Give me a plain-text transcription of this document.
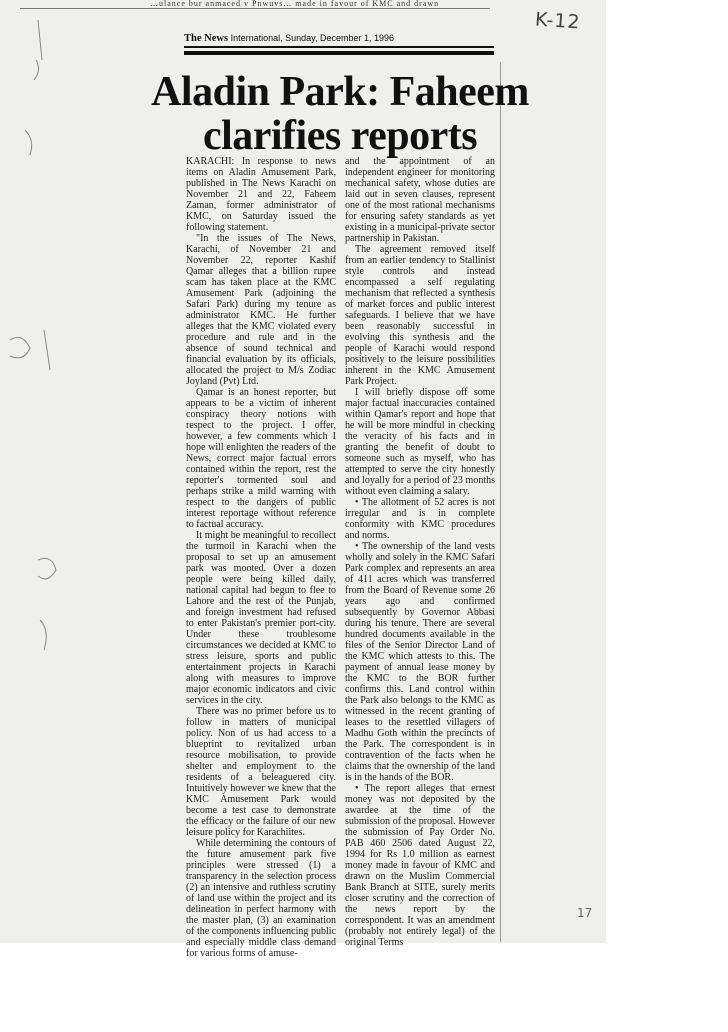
…ulance bur anmaced v Pnwuvs… made in favour of KMC and drawn
The News International, Sunday, December 1, 1996
Aladin Park: Faheem
clarifies reports

KARACHI: In response to news items on Aladin Amusement Park, published in The News Karachi on November 21 and 22, Faheem Zaman, former administrator of KMC, on Saturday issued the following statement.

"In the issues of The News, Karachi, of November 21 and November 22, reporter Kashif Qamar alleges that a billion rupee scam has taken place at the KMC Amusement Park (adjoining the Safari Park) during my tenure as administrator KMC. He further alleges that the KMC violated every procedure and rule and in the absence of sound technical and financial evaluation by its officials, allocated the project to M/s Zodiac Joyland (Pvt) Ltd.

Qamar is an honest reporter, but appears to be a victim of inherent conspiracy theory notions with respect to the project. I offer, however, a few comments which I hope will enlighten the readers of the News, correct major factual errors contained within the report, rest the reporter's tormented soul and perhaps strike a mild warning with respect to the dangers of public interest reportage without reference to factual accuracy.

It might be meaningful to recollect the turmoil in Karachi when the proposal to set up an amusement park was mooted. Over a dozen people were being killed daily, national capital had begun to flee to Lahore and the rest of the Punjab, and foreign investment had refused to enter Pakistan's premier port-city. Under these troublesome circumstances we decided at KMC to stress leisure, sports and public entertainment projects in Karachi along with measures to improve major economic indicators and civic services in the city.

There was no primer before us to follow in matters of municipal policy. Non of us had access to a blueprint to revitalized urban resource mobilisation, to provide shelter and employment to the residents of a beleaguered city. Intuitively however we knew that the KMC Amusement Park would become a test case to demonstrate the efficacy or the failure of our new leisure policy for Karachiites.

While determining the contours of the future amusement park five principles were stressed (1) a transparency in the selection process (2) an intensive and ruthless scrutiny of land use within the project and its delineation in perfect harmony with the master plan, (3) an examination of the components influencing public and especially middle class demand for various forms of amuse-

and the appointment of an independent engineer for monitoring mechanical safety, whose duties are laid out in seven clauses, represent one of the most rational mechanisms for ensuring safety standards as yet existing in a municipal-private sector partnership in Pakistan.

The agreement removed itself from an earlier tendency to Stallinist style controls and instead encompassed a self regulating mechanism that reflected a synthesis of market forces and public interest safeguards. I believe that we have been reasonably successful in evolving this synthesis and the people of Karachi would respond positively to the leisure possibilities inherent in the KMC Amusement Park Project.

I will briefly dispose off some major factual inaccuracies contained within Qamar's report and hope that he will be more mindful in checking the veracity of his facts and in granting the benefit of doubt to someone such as myself, who has attempted to serve the city honestly and loyally for a period of 23 months without even claiming a salary.

• The allotment of 52 acres is not irregular and is in complete conformity with KMC procedures and norms.

• The ownership of the land vests wholly and solely in the KMC Safari Park complex and represents an area of 411 acres which was transferred from the Board of Revenue some 26 years ago and confirmed subsequently by Governor Abbasi during his tenure. There are several hundred documents available in the files of the Senior Director Land of the KMC which attests to this. The payment of annual lease money by the KMC to the BOR further confirms this. Land control within the Park also belongs to the KMC as witnessed in the recent granting of leases to the resettled villagers of Madhu Goth within the precincts of the Park. The correspondent is in contravention of the facts when he claims that the ownership of the land is in the hands of the BOR.

• The report alleges that ernest money was not deposited by the awardee at the time of the submission of the proposal. However the submission of Pay Order No. PAB 460 2506 dated August 22, 1994 for Rs 1.0 million as earnest money made in favour of KMC and drawn on the Muslim Commercial Bank Branch at SITE, surely merits closer scrutiny and the correction of the news report by the correspondent. It was an amendment (probably not entirely legal) of the original Terms

K-12
17
